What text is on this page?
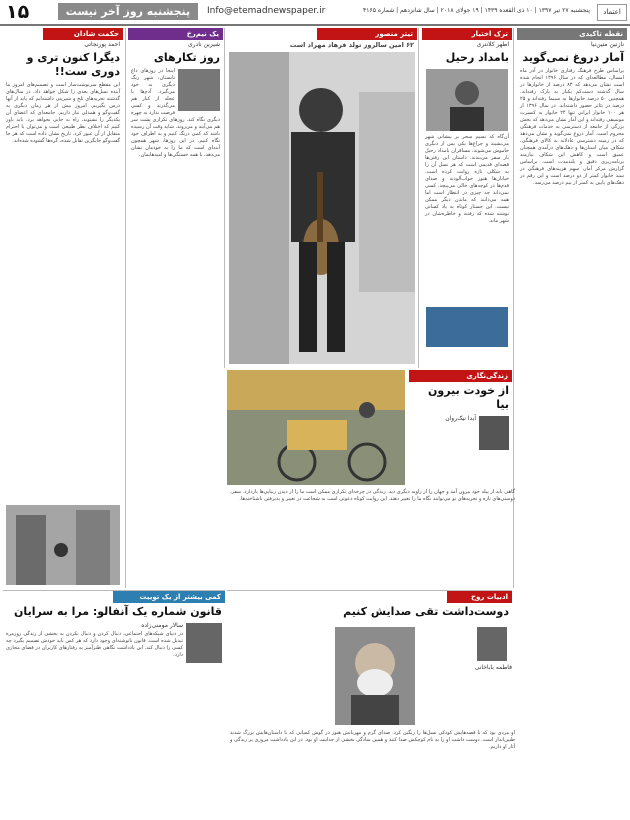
۱۵	پنجشنبه روز آخر نیست	Info@etemadnewspaper.ir	پنجشنبه ۲۷ تیر ۱۳۹۷ | ۱۰ ذی القعده ۱۴۳۹ | ۱۹ جولای ۲۰۱۸ | سال شانزدهم | شماره ۴۱۶۵	اعتماد
نقطه تاکیدی
نازنین متین‌نیا
آمار دروغ نمی‌گوید
براساس طرح فرهنگ رفتاری خانوار در آذر ماه امسال، مطالعه‌ای که در سال ۱۳۹۶ انجام شده است نشان می‌دهد که ۸۳ درصد از خانوارها در سال گذشته دست‌کم یکبار به پارک رفته‌اند. همچنین ۵۰ درصد خانوارها به سینما رفته‌اند و ۲۵ درصد در تئاتر حضور داشته‌اند. در سال ۱۳۹۶ از هر ۱۰۰ خانوار ایرانی تنها ۲۴ خانوار به کنسرت موسیقی رفته‌اند و این آمار نشان می‌دهد که بخش بزرگی از جامعه از دسترسی به خدمات فرهنگی محروم است. آمار دروغ نمی‌گوید و نشان می‌دهد که در زمینه دسترسی عادلانه به کالای فرهنگی، شکاف میان استان‌ها و دهک‌های درآمدی همچنان عمیق است و کاهش این شکاف نیازمند برنامه‌ریزی دقیق و بلندمدت است. براساس گزارش مرکز آمار، سهم هزینه‌های فرهنگی در سبد خانوار کمتر از دو درصد است و این رقم در دهک‌های پایین به کمتر از نیم درصد می‌رسد.
ترک اختیار
اطهر کلانتری
بامداد رحیل
آن‌گاه که نسیم سحر بر پیشانی شهر می‌نشیند و چراغ‌ها یکی پس از دیگری خاموش می‌شوند، مسافران بامداد رحیل بار سفر می‌بندند. داستان این رفتن‌ها قصه‌ای قدیمی است که هر نسل آن را به شکلی تازه روایت کرده است. خیابان‌ها هنوز خواب‌آلودند و صدای قدم‌ها در کوچه‌های خالی می‌پیچد. کسی نمی‌داند چه چیزی در انتظار است اما همه می‌دانند که ماندن دیگر ممکن نیست. این جستار کوتاه به یاد کسانی نوشته شده که رفتند و خاطره‌شان در شهر ماند.
تیتر منصور
۶۲ امین سالروز تولد فرهاد مهراد است
یک نیم‌رخ
شیرین نادری
روز تکارهای
اینجا در روزهای داغ تابستان، شهر رنگ دیگری به خود می‌گیرد. آدم‌ها با عجله از کنار هم می‌گذرند و کسی فرصت ندارد به چهره دیگری نگاه کند. روزهای تکراری پشت سر هم می‌آیند و می‌روند. شاید وقت آن رسیده باشد که کمی درنگ کنیم و به اطراف خود نگاه کنیم. در این روزها، شهر همچون آینه‌ای است که ما را به خودمان نشان می‌دهد، با همه خستگی‌ها و امیدهایمان.
حکمت شادان
احمد پورنجاتی
دیگرا کنون تری و دوری ست!!
این مقطع سرنوشت‌ساز است و تصمیم‌های امروز ما آینده نسل‌های بعدی را شکل خواهد داد. در سال‌های گذشته تجربه‌های تلخ و شیرینی داشته‌ایم که باید از آنها درس بگیریم. امروز بیش از هر زمان دیگری به گفت‌وگو و همدلی نیاز داریم. جامعه‌ای که اعضای آن یکدیگر را نشنوند، راه به جایی نخواهد برد. باید باور کنیم که اختلاف نظر طبیعی است و می‌توان با احترام متقابل از آن عبور کرد. تاریخ نشان داده است که هر جا گفت‌وگو جایگزین تقابل شده، گره‌ها گشوده شده‌اند.
زندگی‌نگاری
از خودت بیرون بیا
آیدا نیک‌روان
گاهی باید از پیله خود بیرون آمد و جهان را از زاویه دیگری دید. زندگی در چرخه‌ای تکراری ممکن است ما را از دیدن زیبایی‌ها بازدارد. سفر، دوستی‌های تازه و تجربه‌های نو می‌توانند نگاه ما را تغییر دهند. این روایت کوتاه دعوتی است به شجاعت در تغییر و پذیرفتن ناشناخته‌ها.
کمی بیشتر از یک توییت
قانون شماره یک آنفالو: مرا به سرایان
سالار مومنی‌زاده
در دنیای شبکه‌های اجتماعی، دنبال کردن و دنبال نکردن به بخشی از زندگی روزمره تبدیل شده است. قانون نانوشته‌ای وجود دارد که هر کس باید خودش تصمیم بگیرد چه کسی را دنبال کند. این یادداشت نگاهی طنزآمیز به رفتارهای کاربران در فضای مجازی دارد.
ادبیات روح
دوست‌داشت تقی صدایش کنیم
فاطمه بابا‌خانی
او مردی بود که با قصه‌هایش کودکی نسل‌ها را رنگین کرد. صدای گرم و مهربانش هنوز در گوش کسانی که با داستان‌هایش بزرگ شدند طنین‌انداز است. دوست داشت او را به نام کوچکش صدا کنند و همین سادگی بخشی از جذابیت او بود. در این یادداشت مروری بر زندگی و آثار او داریم.
